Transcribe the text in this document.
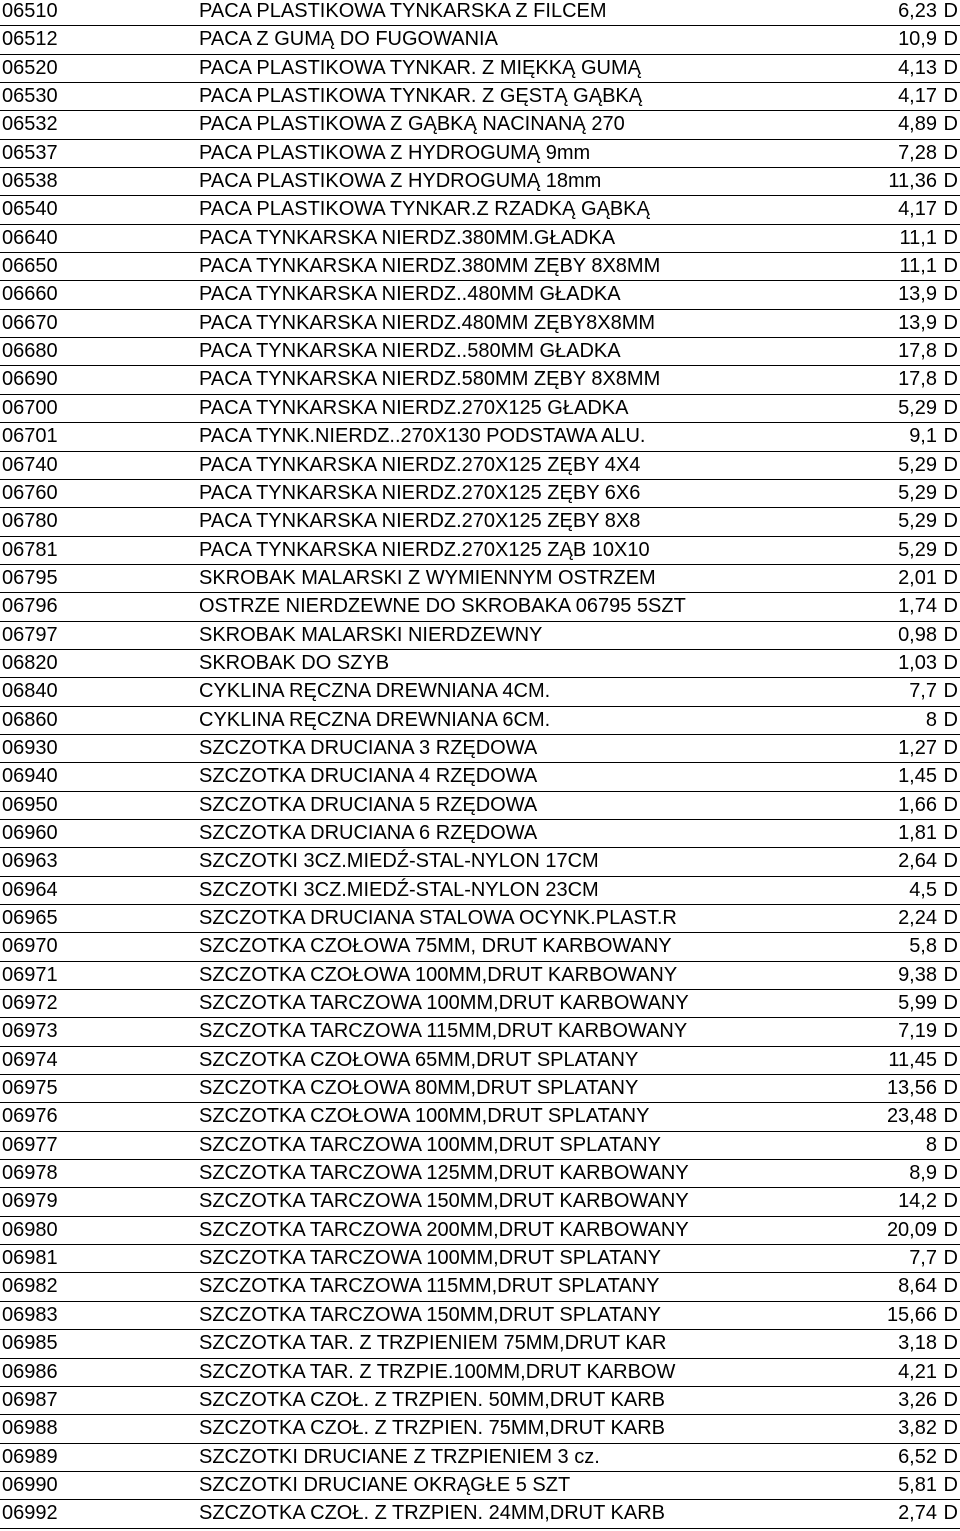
06510	PACA PLASTIKOWA TYNKARSKA Z FILCEM	6,23 D
06512	PACA Z GUMĄ DO FUGOWANIA	10,9 D
06520	PACA PLASTIKOWA TYNKAR. Z MIĘKKĄ GUMĄ	4,13 D
06530	PACA PLASTIKOWA TYNKAR. Z GĘSTĄ GĄBKĄ	4,17 D
06532	PACA PLASTIKOWA Z GĄBKĄ NACINANĄ 270	4,89 D
06537	PACA PLASTIKOWA Z HYDROGUMĄ 9mm	7,28 D
06538	PACA PLASTIKOWA Z HYDROGUMĄ 18mm	11,36 D
06540	PACA PLASTIKOWA TYNKAR.Z RZADKĄ GĄBKĄ	4,17 D
06640	PACA TYNKARSKA NIERDZ.380MM.GŁADKA	11,1 D
06650	PACA TYNKARSKA NIERDZ.380MM ZĘBY 8X8MM	11,1 D
06660	PACA TYNKARSKA NIERDZ..480MM GŁADKA	13,9 D
06670	PACA TYNKARSKA NIERDZ.480MM ZĘBY8X8MM	13,9 D
06680	PACA TYNKARSKA NIERDZ..580MM GŁADKA	17,8 D
06690	PACA TYNKARSKA NIERDZ.580MM ZĘBY 8X8MM	17,8 D
06700	PACA TYNKARSKA NIERDZ.270X125 GŁADKA	5,29 D
06701	PACA TYNK.NIERDZ..270X130 PODSTAWA ALU.	9,1 D
06740	PACA TYNKARSKA NIERDZ.270X125 ZĘBY 4X4	5,29 D
06760	PACA TYNKARSKA NIERDZ.270X125 ZĘBY 6X6	5,29 D
06780	PACA TYNKARSKA NIERDZ.270X125 ZĘBY 8X8	5,29 D
06781	PACA TYNKARSKA NIERDZ.270X125 ZĄB 10X10	5,29 D
06795	SKROBAK MALARSKI Z WYMIENNYM OSTRZEM	2,01 D
06796	OSTRZE NIERDZEWNE DO SKROBAKA 06795 5SZT	1,74 D
06797	SKROBAK MALARSKI NIERDZEWNY	0,98 D
06820	SKROBAK DO SZYB	1,03 D
06840	CYKLINA RĘCZNA DREWNIANA 4CM.	7,7 D
06860	CYKLINA RĘCZNA DREWNIANA 6CM.	8 D
06930	SZCZOTKA DRUCIANA 3 RZĘDOWA	1,27 D
06940	SZCZOTKA DRUCIANA 4 RZĘDOWA	1,45 D
06950	SZCZOTKA DRUCIANA 5 RZĘDOWA	1,66 D
06960	SZCZOTKA DRUCIANA 6 RZĘDOWA	1,81 D
06963	SZCZOTKI 3CZ.MIEDŹ-STAL-NYLON 17CM	2,64 D
06964	SZCZOTKI 3CZ.MIEDŹ-STAL-NYLON 23CM	4,5 D
06965	SZCZOTKA DRUCIANA STALOWA OCYNK.PLAST.R	2,24 D
06970	SZCZOTKA CZOŁOWA 75MM, DRUT KARBOWANY	5,8 D
06971	SZCZOTKA CZOŁOWA 100MM,DRUT KARBOWANY	9,38 D
06972	SZCZOTKA TARCZOWA 100MM,DRUT KARBOWANY	5,99 D
06973	SZCZOTKA TARCZOWA 115MM,DRUT KARBOWANY	7,19 D
06974	SZCZOTKA CZOŁOWA 65MM,DRUT SPLATANY	11,45 D
06975	SZCZOTKA CZOŁOWA 80MM,DRUT SPLATANY	13,56 D
06976	SZCZOTKA CZOŁOWA 100MM,DRUT SPLATANY	23,48 D
06977	SZCZOTKA TARCZOWA 100MM,DRUT SPLATANY	8 D
06978	SZCZOTKA TARCZOWA 125MM,DRUT KARBOWANY	8,9 D
06979	SZCZOTKA TARCZOWA 150MM,DRUT KARBOWANY	14,2 D
06980	SZCZOTKA TARCZOWA 200MM,DRUT KARBOWANY	20,09 D
06981	SZCZOTKA TARCZOWA 100MM,DRUT SPLATANY	7,7 D
06982	SZCZOTKA TARCZOWA 115MM,DRUT SPLATANY	8,64 D
06983	SZCZOTKA TARCZOWA 150MM,DRUT SPLATANY	15,66 D
06985	SZCZOTKA TAR. Z TRZPIENIEM 75MM,DRUT KAR	3,18 D
06986	SZCZOTKA TAR. Z TRZPIE.100MM,DRUT KARBOW	4,21 D
06987	SZCZOTKA CZOŁ. Z TRZPIEN. 50MM,DRUT KARB	3,26 D
06988	SZCZOTKA CZOŁ. Z TRZPIEN. 75MM,DRUT KARB	3,82 D
06989	SZCZOTKI DRUCIANE Z TRZPIENIEM 3 cz.	6,52 D
06990	SZCZOTKI DRUCIANE OKRĄGŁE 5 SZT	5,81 D
06992	SZCZOTKA CZOŁ. Z TRZPIEN. 24MM,DRUT KARB	2,74 D
